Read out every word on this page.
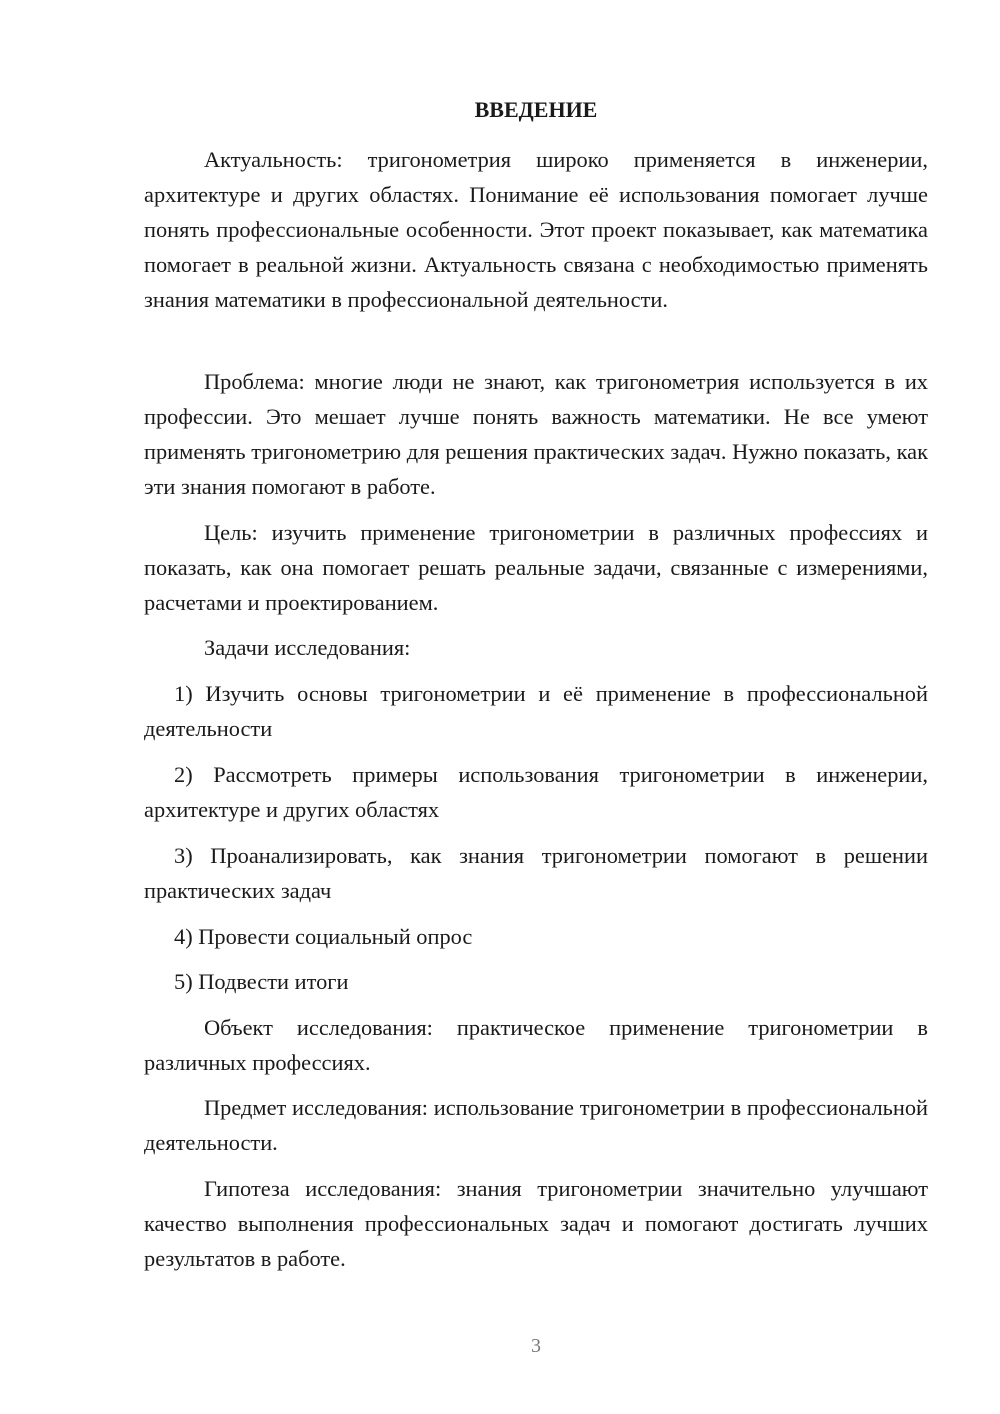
ВВЕДЕНИЕ

Актуальность: тригонометрия широко применяется в инженерии, архитектуре и других областях. Понимание её использования помогает лучше понять профессиональные особенности. Этот проект показывает, как математика помогает в реальной жизни. Актуальность связана с необходимостью применять знания математики в профессиональной деятельности.

Проблема: многие люди не знают, как тригонометрия используется в их профессии. Это мешает лучше понять важность математики. Не все умеют применять тригонометрию для решения практических задач. Нужно показать, как эти знания помогают в работе.

Цель: изучить применение тригонометрии в различных профессиях и показать, как она помогает решать реальные задачи, связанные с измерениями, расчетами и проектированием.

Задачи исследования:

1) Изучить основы тригонометрии и её применение в профессиональной деятельности

2) Рассмотреть примеры использования тригонометрии в инженерии, архитектуре и других областях

3) Проанализировать, как знания тригонометрии помогают в решении практических задач

4) Провести социальный опрос

5) Подвести итоги

Объект исследования: практическое применение тригонометрии в различных профессиях.

Предмет исследования: использование тригонометрии в профессиональной деятельности.

Гипотеза исследования: знания тригонометрии значительно улучшают качество выполнения профессиональных задач и помогают достигать лучших результатов в работе.

3
